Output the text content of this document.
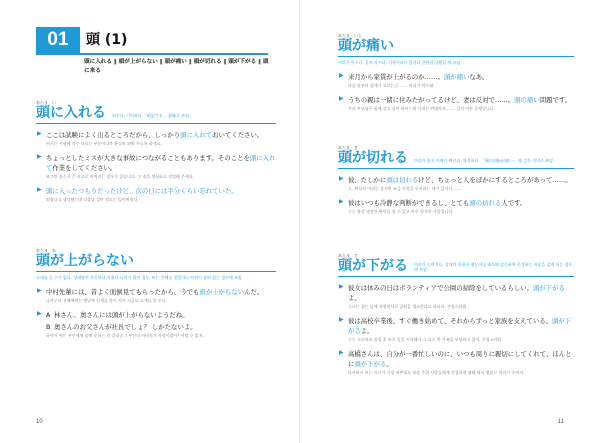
01	頭 (1)
頭に入れる ‖ 頭が上がらない ‖ 頭が痛い ‖ 頭が切れる ‖ 頭が下がる ‖ 頭に来る
あたま　い
頭に入れる 외우다, 기억하다 「暗記する」 意味로 쓰임
▶ ここは試験によく出るところだから、しっかり頭に入れておいてください。
여기는 시험에 자주 나오는 부분이니까 확실히 외워 두도록 하세요.
▶ ちょっとしたミスが大きな事故につながることもあります。そのことを頭に入れて作業をしてください。
조그만 실수가 큰 사고로 이어지는 경우가 있습니다. 그 점을 명심하고 작업해 주세요.
▶ 頭に入ったつもりだったけど、次の日には半分くらい忘れていた。
외웠다고 생각했는데 다음날 절반 정도는 잊어버렸다.
あたま　あ
頭が上がらない
고개를 들 수가 없다. 상대방이 자신보다 지위나 나이가 위인 경우, 또는 은혜를 입었거나 약점이 잡혀 있는 경우에 쓰임
▶ 中村先輩には、昔よく面倒見てもらったから、今でも頭が上がらないんだ。
나카무라 선배에게는 옛날에 신세를 많이 져서 지금도 고개를 못 든다.
▶ A 林さん、奥さんには頭が上がらないようだね。
B 奥さんのお父さんが社長でしょ？ しかたないよ。
하야시 씨는 부인에게 꼼짝 못하는 것 같더군. / 부인의 아버지가 사장이잖아? 어쩔 수 없지.
10
あたま　いた
頭が痛い
머리가 아프다. 골치 아프다. 걱정거리가 있거나 곤란한 상황일 때 쓰임
▶ 来月から家賃が上がるのか……。頭が痛いなあ。
다음 달부터 집세가 오르는군……. 머리가 아프네.
▶ うちの親は一緒に住みたがってるけど、妻は反対で……。頭の痛い問題です。
우리 부모님은 함께 살고 싶어 하시는데 아내는 반대라서……. 골치 아픈 문제입니다.
あたま　き
頭が切れる 머리가 좋고 이해가 빠르다. 명석하다. 「頭の回転が速い」 와 같은 의미로 쓰임
▶ 彼、たしかに頭は切れるけど、ちょっと人をばかにするところがあって……。
그, 확실히 머리는 좋지만 조금 사람을 무시하는 데가 있어서…….
▶ 彼はいつも冷静な判断ができるし、とても頭の切れる人です。
그는 항상 냉정한 판단을 할 수 있고 아주 명석한 사람입니다.
あたま　さ
頭が下がる 머리가 숙여지다. 상대의 훌륭한 행동이나 태도에 감동하여 존경하는 마음을 갖게 되는 경우에 쓰임
▶ 彼女は休みの日はボランティアで公園の掃除をしているらしい。頭が下がるよ。
그녀는 쉬는 날에 자원봉사로 공원을 청소한다고 하더라. 존경스러워.
▶ 彼は高校卒業後、すぐ働き始めて、それからずっと家族を支えている。頭が下がるよ。
그는 고등학교 졸업 후 바로 일을 시작해서 그 뒤로 쭉 가족을 부양하고 있어. 존경스러워.
▶ 高橋さんは、自分が一番忙しいのに、いつも周りに親切にしてくれて、ほんとに頭が下がる。
다카하시 씨는 자기가 가장 바쁜데도 항상 주위 사람들에게 친절하게 대해 줘서 정말로 머리가 숙여져.
11
